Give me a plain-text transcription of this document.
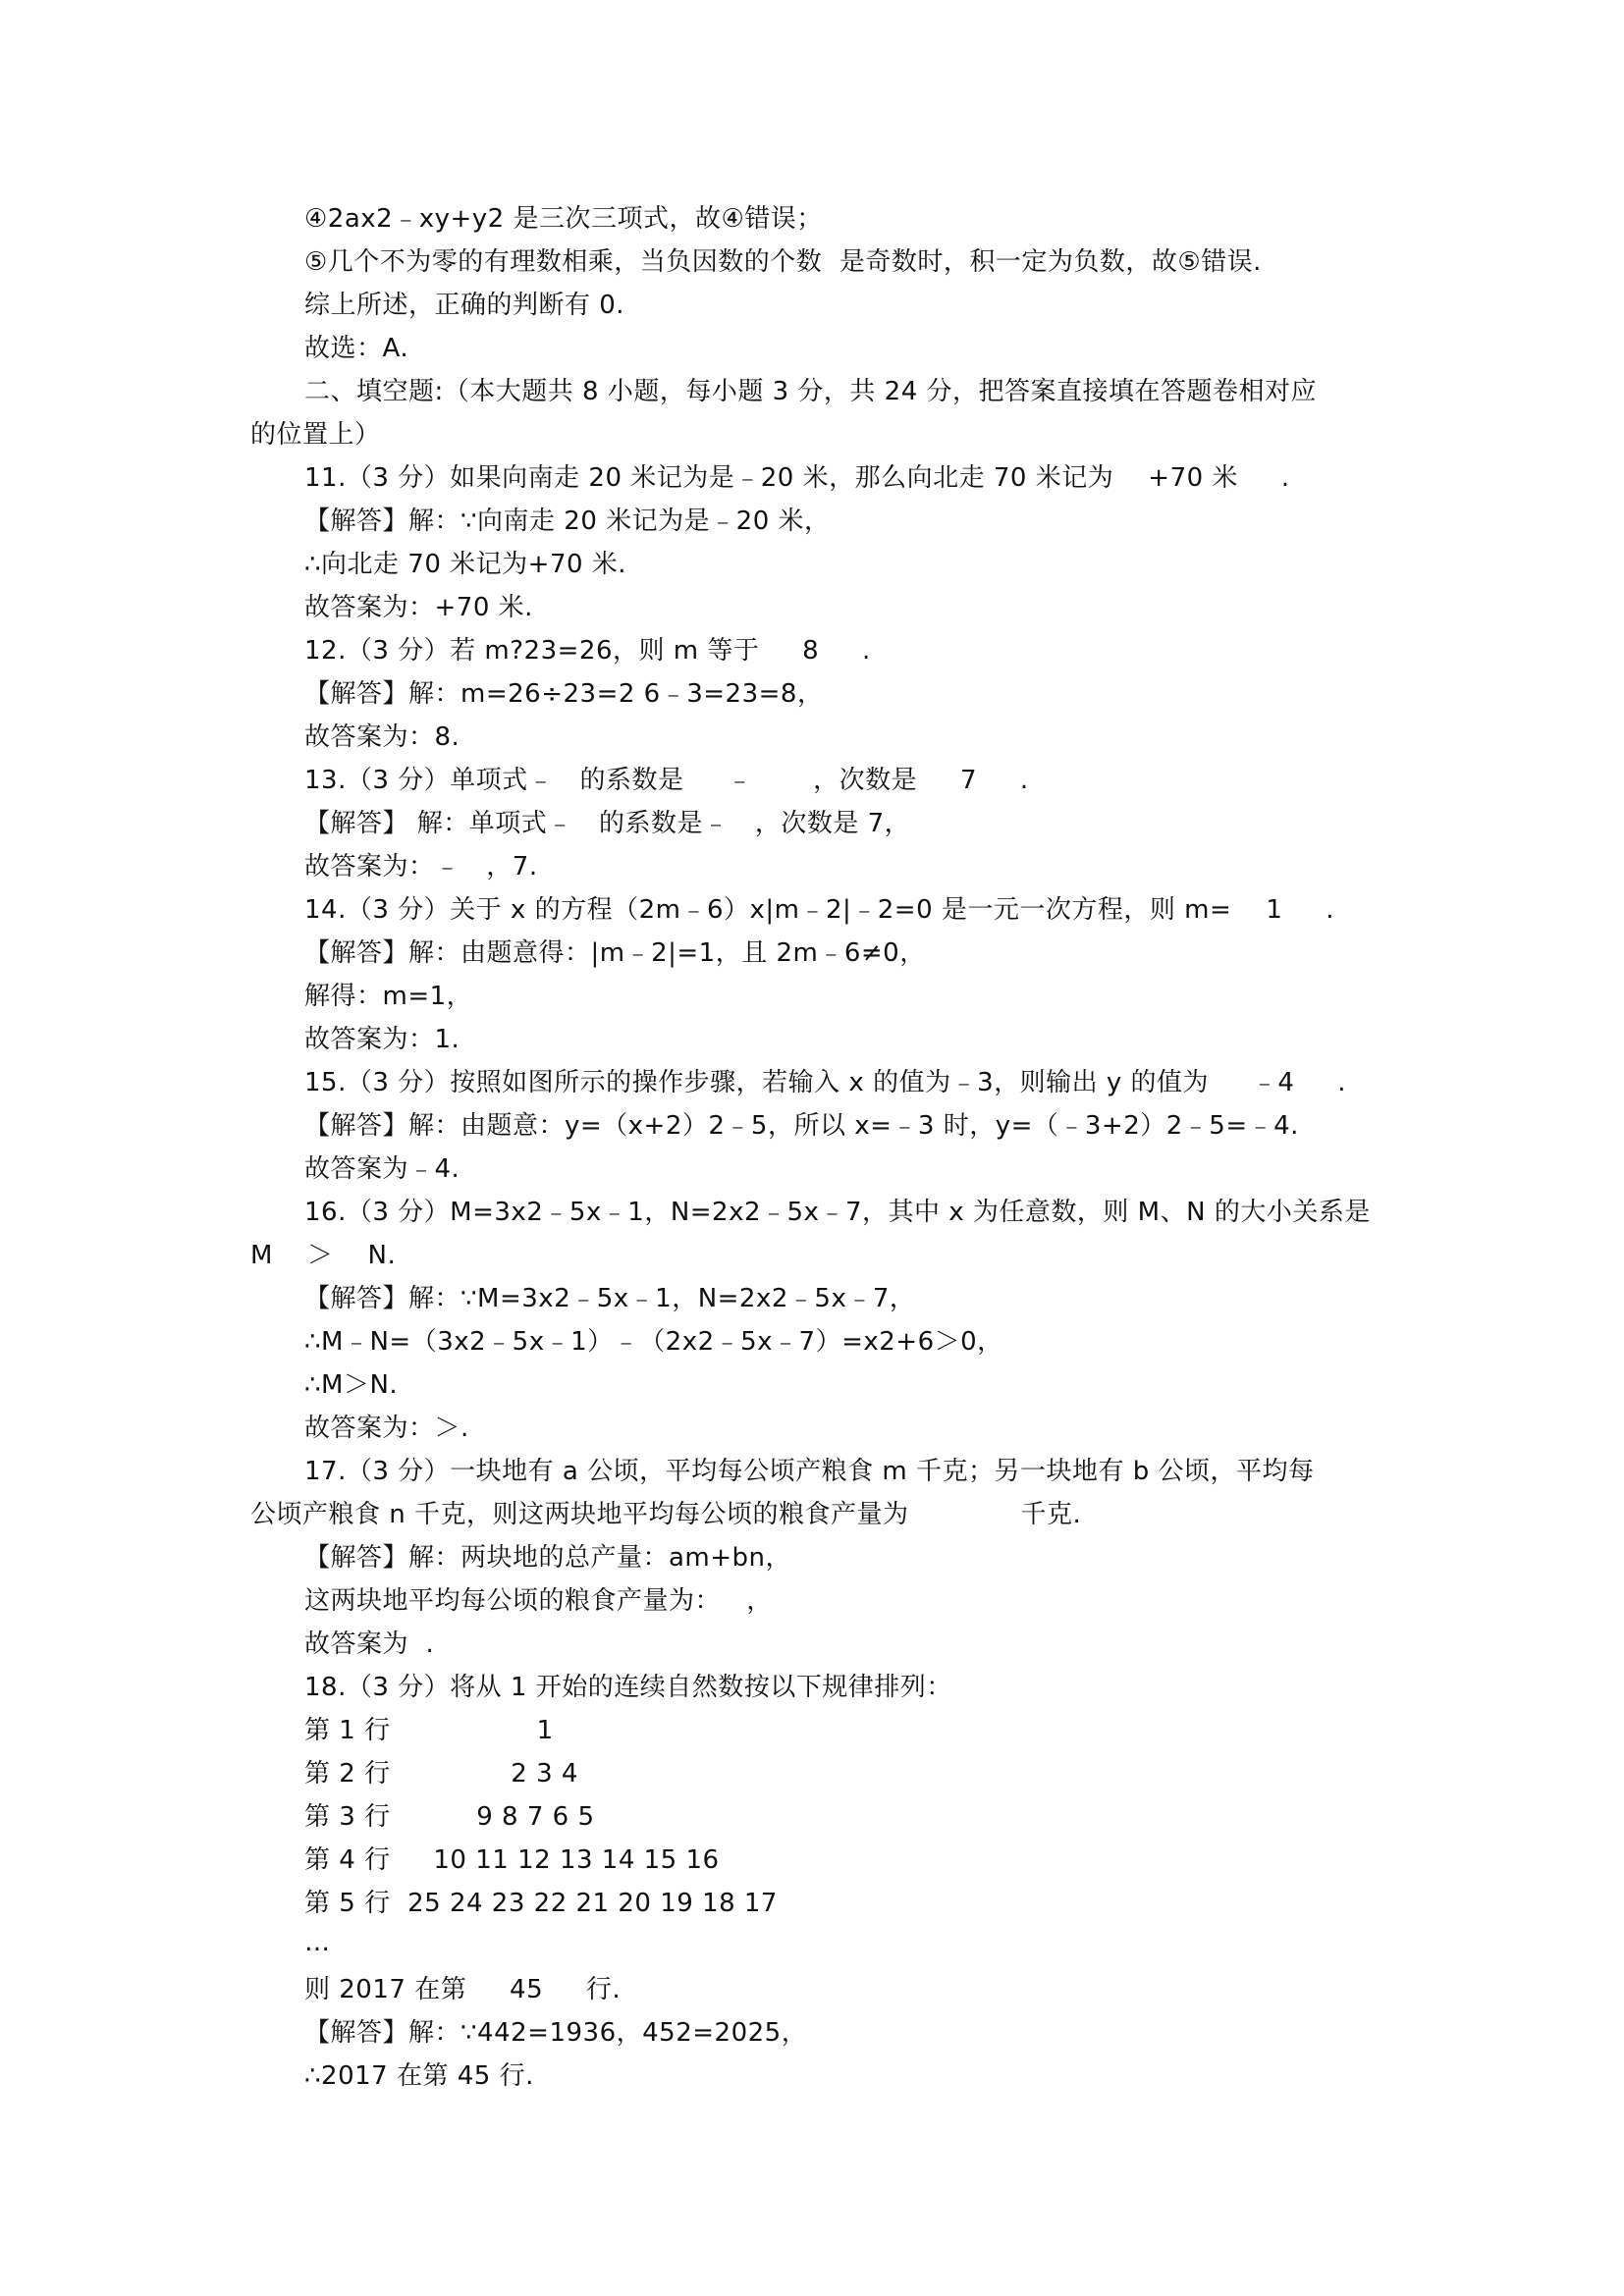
④2ax2﹣xy+y2 是三次三项式，故④错误；
⑤几个不为零的有理数相乘，当负因数的个数  是奇数时，积一定为负数，故⑤错误.
综上所述，正确的判断有 0.
故选：A.
二、填空题:（本大题共 8 小题，每小题 3 分，共 24 分，把答案直接填在答题卷相对应
的位置上）
11.（3 分）如果向南走 20 米记为是﹣20 米，那么向北走 70 米记为    +70 米     .
【解答】解：∵向南走 20 米记为是﹣20 米，
∴向北走 70 米记为+70 米.
故答案为：+70 米.
12.（3 分）若 m?23=26，则 m 等于     8     .
【解答】解：m=26÷23=2 6﹣3=23=8，
故答案为：8.
13.（3 分）单项式﹣   的系数是     ﹣       ，次数是     7     .
【解答】 解：单项式﹣   的系数是﹣   ，次数是 7，
故答案为：﹣   ，7.
14.（3 分）关于 x 的方程（2m﹣6）x|m﹣2|﹣2=0 是一元一次方程，则 m=    1     .
【解答】解：由题意得：|m﹣2|=1，且 2m﹣6≠0，
解得：m=1，
故答案为：1.
15.（3 分）按照如图所示的操作步骤，若输入 x 的值为﹣3，则输出 y 的值为     ﹣4     .
【解答】解：由题意：y=（x+2）2﹣5，所以 x=﹣3 时，y=（﹣3+2）2﹣5=﹣4.
故答案为﹣4.
16.（3 分）M=3x2﹣5x﹣1，N=2x2﹣5x﹣7，其中 x 为任意数，则 M、N 的大小关系是
M    ＞    N.
【解答】解：∵M=3x2﹣5x﹣1，N=2x2﹣5x﹣7，
∴M﹣N=（3x2﹣5x﹣1）﹣（2x2﹣5x﹣7）=x2+6＞0，
∴M＞N.
故答案为：＞.
17.（3 分）一块地有 a 公顷，平均每公顷产粮食 m 千克；另一块地有 b 公顷，平均每
公顷产粮食 n 千克，则这两块地平均每公顷的粮食产量为             千克.
【解答】解：两块地的总产量：am+bn，
这两块地平均每公顷的粮食产量为：   ，
故答案为  .
18.（3 分）将从 1 开始的连续自然数按以下规律排列：
第 1 行                 1
第 2 行              2 3 4
第 3 行          9 8 7 6 5
第 4 行     10 11 12 13 14 15 16
第 5 行  25 24 23 22 21 20 19 18 17
…
则 2017 在第     45     行.
【解答】解：∵442=1936，452=2025，
∴2017 在第 45 行.
